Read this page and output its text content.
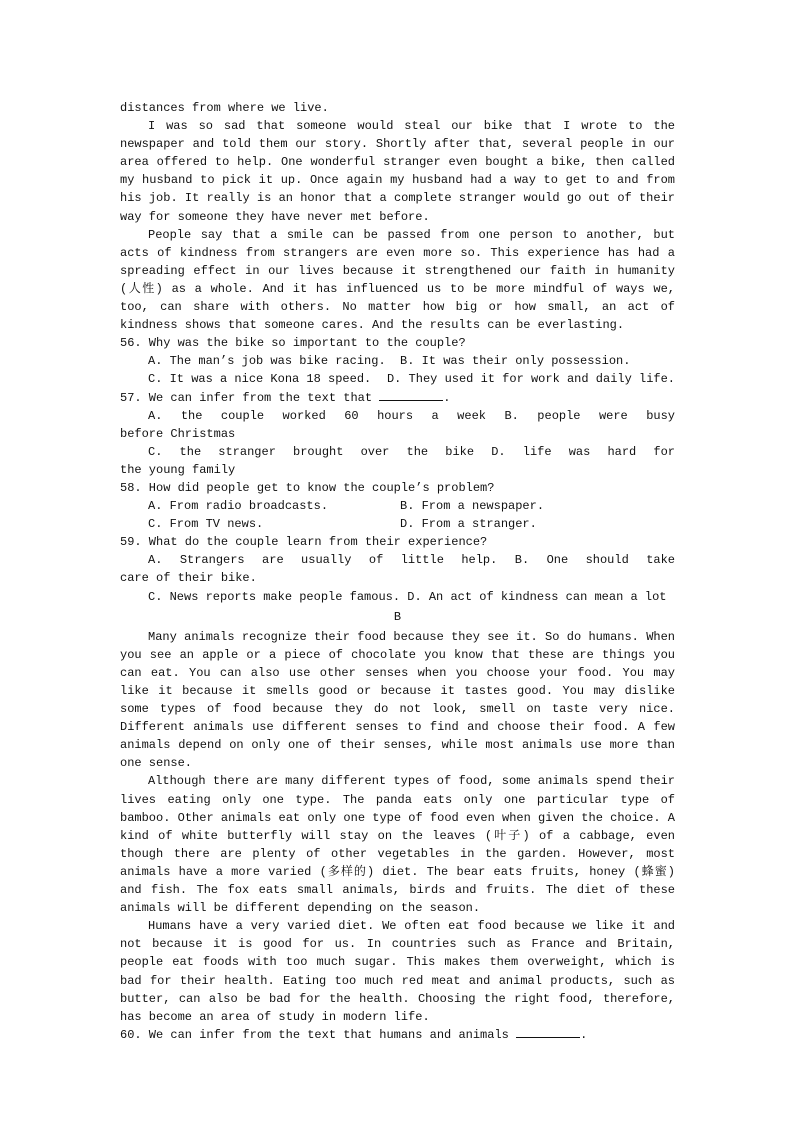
distances from where we live.
I was so sad that someone would steal our bike that I wrote to the newspaper and told them our story. Shortly after that, several people in our area offered to help. One wonderful stranger even bought a bike, then called my husband to pick it up. Once again my husband had a way to get to and from his job. It really is an honor that a complete stranger would go out of their way for someone they have never met before.
People say that a smile can be passed from one person to another, but acts of kindness from strangers are even more so. This experience has had a spreading effect in our lives because it strengthened our faith in humanity (人性) as a whole. And it has influenced us to be more mindful of ways we, too, can share with others. No matter how big or how small, an act of kindness shows that someone cares. And the results can be everlasting.
56. Why was the bike so important to the couple?
A. The man’s job was bike racing.	B. It was their only possession.
C. It was a nice Kona 18 speed.	D. They used it for work and daily life.
57. We can infer from the text that	.
A. the couple worked 60 hours a week B. people were busy
before Christmas
C. the stranger brought over the bike D. life was hard for
the young family
58. How did people get to know the couple’s problem?
A. From radio broadcasts.	B. From a newspaper.
C. From TV news.	D. From a stranger.
59. What do the couple learn from their experience?
A. Strangers are usually of little help. B. One should take
care of their bike.
C. News reports make people famous. D. An act of kindness can mean a lot
B
Many animals recognize their food because they see it. So do humans. When you see an apple or a piece of chocolate you know that these are things you can eat. You can also use other senses when you choose your food. You may like it because it smells good or because it tastes good. You may dislike some types of food because they do not look, smell on taste very nice. Different animals use different senses to find and choose their food. A few animals depend on only one of their senses, while most animals use more than one sense.
Although there are many different types of food, some animals spend their lives eating only one type. The panda eats only one particular type of bamboo. Other animals eat only one type of food even when given the choice. A kind of white butterfly will stay on the leaves (叶子) of a cabbage, even though there are plenty of other vegetables in the garden. However, most animals have a more varied (多样的) diet. The bear eats fruits, honey (蜂蜜) and fish. The fox eats small animals, birds and fruits. The diet of these animals will be different depending on the season.
Humans have a very varied diet. We often eat food because we like it and not because it is good for us. In countries such as France and Britain, people eat foods with too much sugar. This makes them overweight, which is bad for their health. Eating too much red meat and animal products, such as butter, can also be bad for the health. Choosing the right food, therefore, has become an area of study in modern life.
60. We can infer from the text that humans and animals	.
